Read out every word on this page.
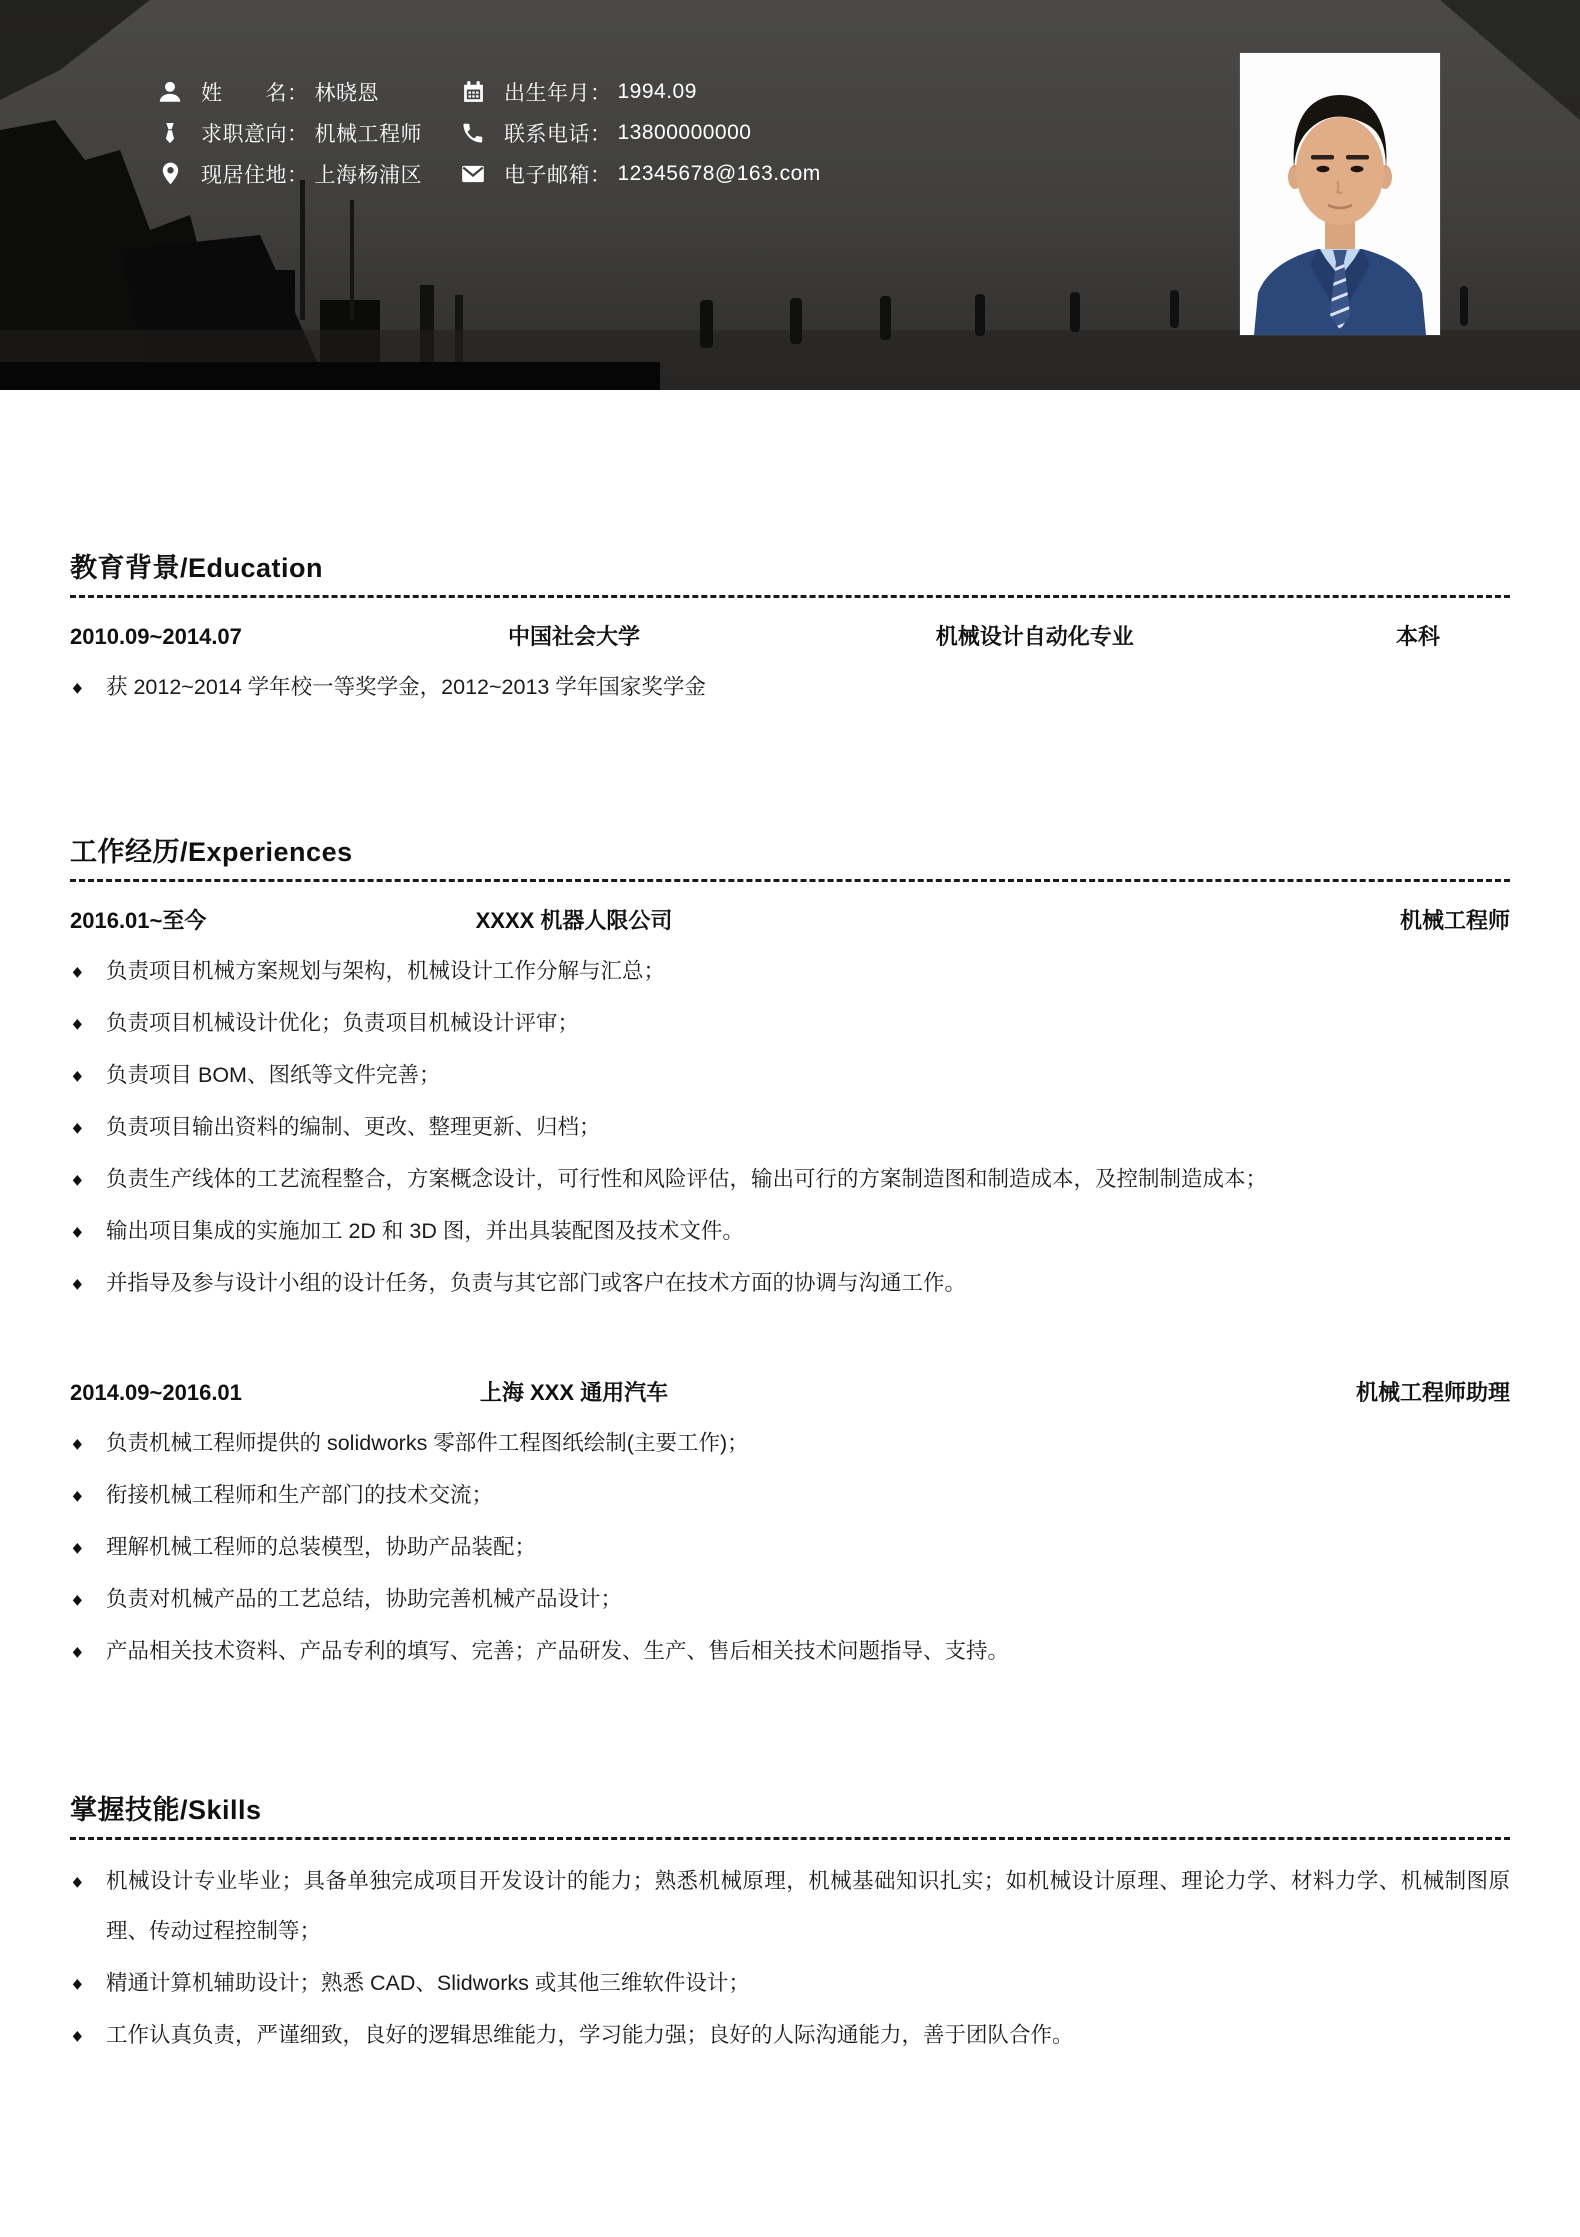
姓　　名： 林晓恩
求职意向： 机械工程师
现居住地： 上海杨浦区
出生年月： 1994.09
联系电话： 13800000000
电子邮箱： 12345678@163.com
教育背景/Education
2010.09~2014.07	中国社会大学	机械设计自动化专业	本科
◆	获 2012~2014 学年校一等奖学金，2012~2013 学年国家奖学金
工作经历/Experiences
2016.01~至今	XXXX 机器人限公司	机械工程师
◆	负责项目机械方案规划与架构，机械设计工作分解与汇总；
◆	负责项目机械设计优化；负责项目机械设计评审；
◆	负责项目 BOM、图纸等文件完善；
◆	负责项目输出资料的编制、更改、整理更新、归档；
◆	负责生产线体的工艺流程整合，方案概念设计，可行性和风险评估，输出可行的方案制造图和制造成本，及控制制造成本；
◆	输出项目集成的实施加工 2D 和 3D 图，并出具装配图及技术文件。
◆	并指导及参与设计小组的设计任务，负责与其它部门或客户在技术方面的协调与沟通工作。
2014.09~2016.01	上海 XXX 通用汽车	机械工程师助理
◆	负责机械工程师提供的 solidworks 零部件工程图纸绘制(主要工作)；
◆	衔接机械工程师和生产部门的技术交流；
◆	理解机械工程师的总装模型，协助产品装配；
◆	负责对机械产品的工艺总结，协助完善机械产品设计；
◆	产品相关技术资料、产品专利的填写、完善；产品研发、生产、售后相关技术问题指导、支持。
掌握技能/Skills
◆	机械设计专业毕业；具备单独完成项目开发设计的能力；熟悉机械原理，机械基础知识扎实；如机械设计原理、理论力学、材料力学、机械制图原理、传动过程控制等；
◆	精通计算机辅助设计；熟悉 CAD、Slidworks 或其他三维软件设计；
◆	工作认真负责，严谨细致，良好的逻辑思维能力，学习能力强；良好的人际沟通能力，善于团队合作。
